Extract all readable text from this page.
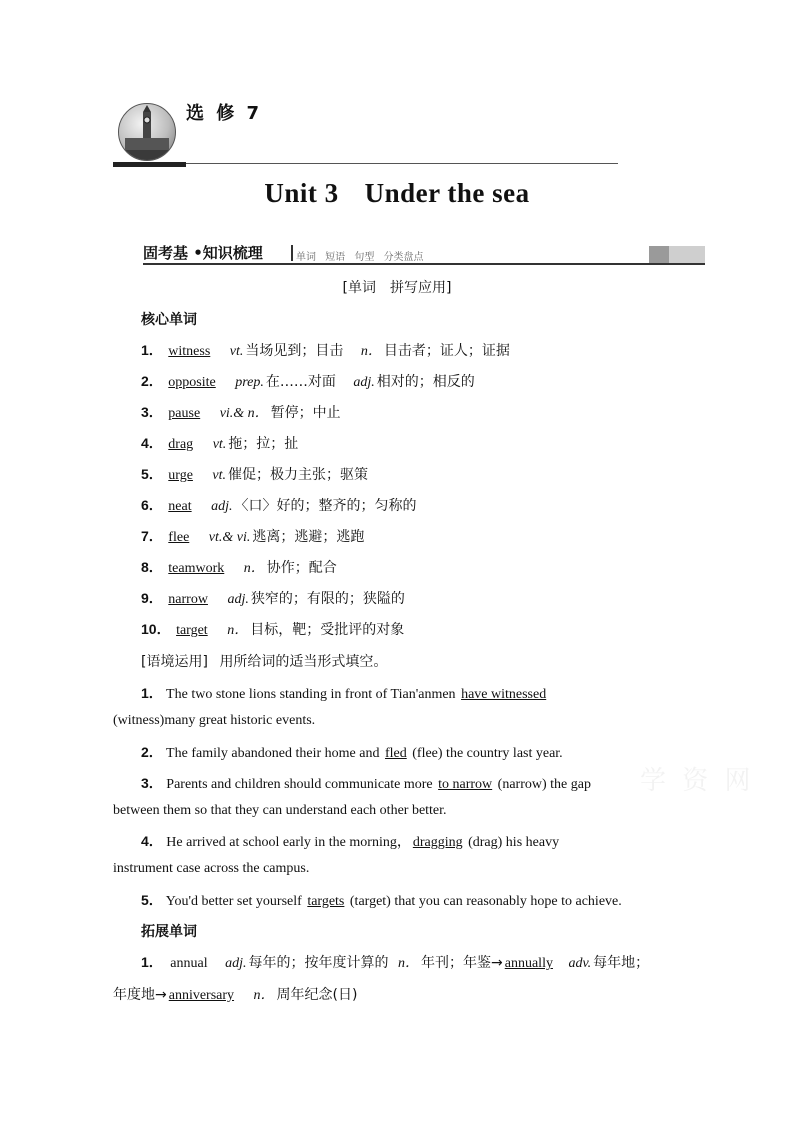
选 修 7
Unit 3 Under the sea
固考基 •知识梳理	单词 短语 句型 分类盘点
[单词　拼写应用]
核心单词
1． witness vt. 当场见到；目击 n． 目击者；证人；证据
2． opposite prep. 在……对面 adj. 相对的；相反的
3． pause vi.& n． 暂停；中止
4． drag vt. 拖；拉；扯
5． urge vt. 催促；极力主张；驱策
6． neat adj. 〈口〉好的；整齐的；匀称的
7． flee vt.& vi. 逃离；逃避；逃跑
8． teamwork n． 协作；配合
9． narrow adj. 狭窄的；有限的；狭隘的
10． target n． 目标，靶；受批评的对象
[语境运用] 用所给词的适当形式填空。
1． The two stone lions standing in front of Tian'anmen have witnessed
(witness)many great historic events.
2． The family abandoned their home and fled (flee) the country last year.
3． Parents and children should communicate more to narrow (narrow) the gap
between them so that they can understand each other better.
4． He arrived at school early in the morning， dragging (drag) his heavy
instrument case across the campus.
5． You'd better set yourself targets (target) that you can reasonably hope to achieve.
拓展单词
1． annual adj. 每年的；按年度计算的 n． 年刊；年鉴→ annually adv. 每年地；
年度地→ anniversary n． 周年纪念(日)
学 资 网
